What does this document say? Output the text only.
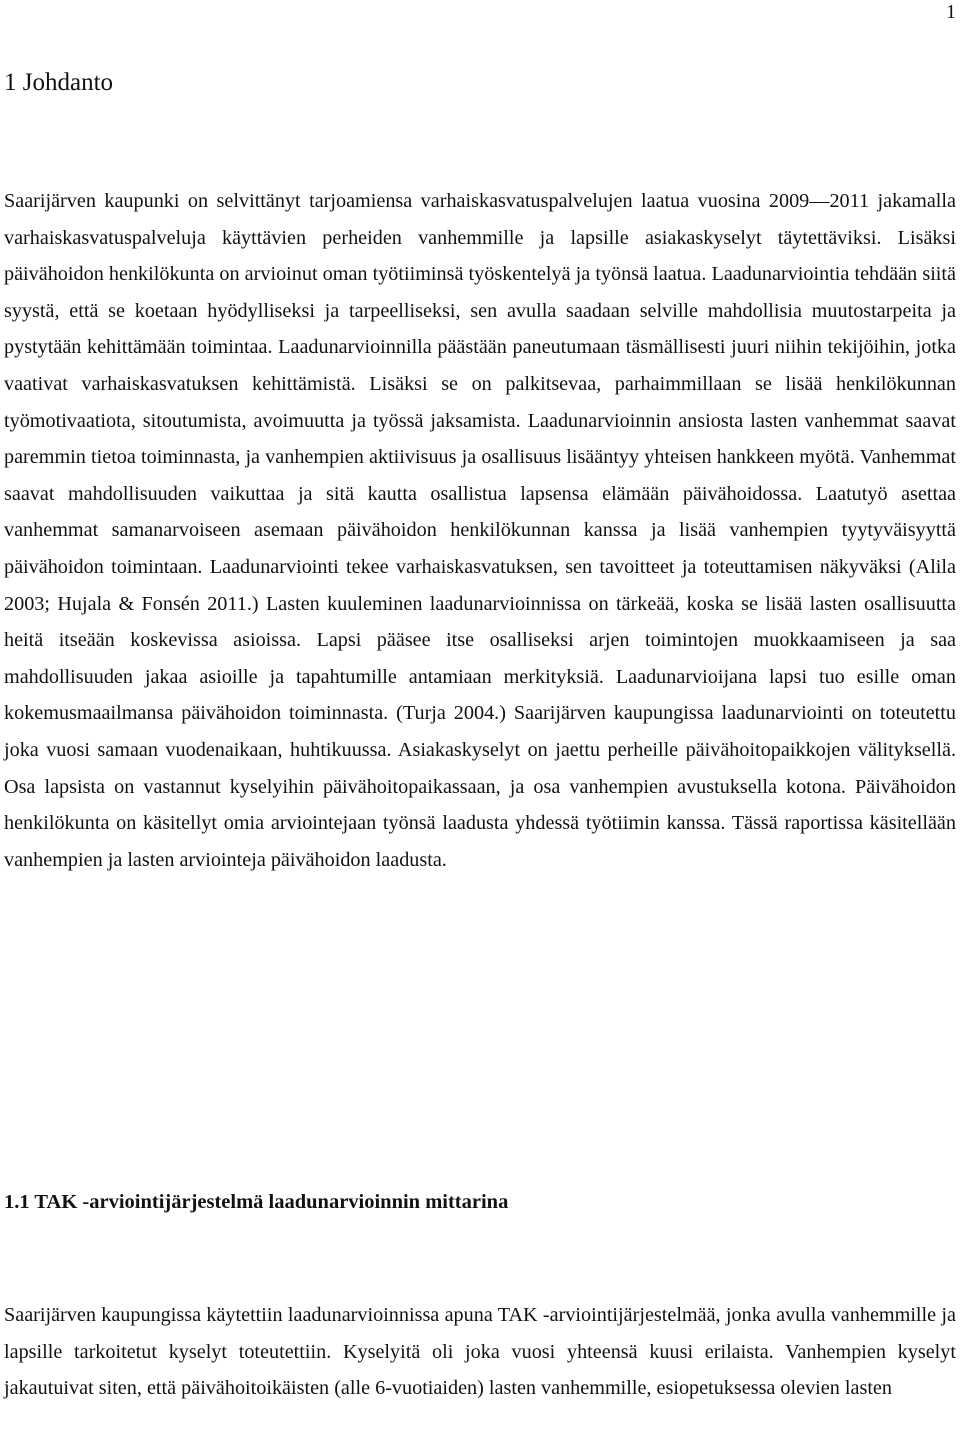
1
1 Johdanto

Saarijärven kaupunki on selvittänyt tarjoamiensa varhaiskasvatuspalvelujen laatua vuosina 2009—2011 jakamalla varhaiskasvatuspalveluja käyttävien perheiden vanhemmille ja lapsille asiakaskyselyt täytettäviksi. Lisäksi päivähoidon henkilökunta on arvioinut oman työtiiminsä työskentelyä ja työnsä laatua. Laadunarviointia tehdään siitä syystä, että se koetaan hyödylliseksi ja tarpeelliseksi, sen avulla saadaan selville mahdollisia muutostarpeita ja pystytään kehittämään toimintaa. Laadunarvioinnilla päästään paneutumaan täsmällisesti juuri niihin tekijöihin, jotka vaativat varhaiskasvatuksen kehittämistä. Lisäksi se on palkitsevaa, parhaimmillaan se lisää henkilökunnan työmotivaatiota, sitoutumista, avoimuutta ja työssä jaksamista. Laadunarvioinnin ansiosta lasten vanhemmat saavat paremmin tietoa toiminnasta, ja vanhempien aktiivisuus ja osallisuus lisääntyy yhteisen hankkeen myötä. Vanhemmat saavat mahdollisuuden vaikuttaa ja sitä kautta osallistua lapsensa elämään päivähoidossa. Laatutyö asettaa vanhemmat samanarvoiseen asemaan päivähoidon henkilökunnan kanssa ja lisää vanhempien tyytyväisyyttä päivähoidon toimintaan. Laadunarviointi tekee varhaiskasvatuksen, sen tavoitteet ja toteuttamisen näkyväksi (Alila 2003; Hujala & Fonsén 2011.) Lasten kuuleminen laadunarvioinnissa on tärkeää, koska se lisää lasten osallisuutta heitä itseään koskevissa asioissa. Lapsi pääsee itse osalliseksi arjen toimintojen muokkaamiseen ja saa mahdollisuuden jakaa asioille ja tapahtumille antamiaan merkityksiä. Laadunarvioijana lapsi tuo esille oman kokemusmaailmansa päivähoidon toiminnasta. (Turja 2004.) Saarijärven kaupungissa laadunarviointi on toteutettu joka vuosi samaan vuodenaikaan, huhtikuussa. Asiakaskyselyt on jaettu perheille päivähoitopaikkojen välityksellä. Osa lapsista on vastannut kyselyihin päivähoitopaikassaan, ja osa vanhempien avustuksella kotona. Päivähoidon henkilökunta on käsitellyt omia arviointejaan työnsä laadusta yhdessä työtiimin kanssa. Tässä raportissa käsitellään vanhempien ja lasten arviointeja päivähoidon laadusta.

1.1 TAK -arviointijärjestelmä laadunarvioinnin mittarina

Saarijärven kaupungissa käytettiin laadunarvioinnissa apuna TAK -arviointijärjestelmää, jonka avulla vanhemmille ja lapsille tarkoitetut kyselyt toteutettiin. Kyselyitä oli joka vuosi yhteensä kuusi erilaista. Vanhempien kyselyt jakautuivat siten, että päivähoitoikäisten (alle 6-vuotiaiden) lasten vanhemmille, esiopetuksessa olevien lasten
